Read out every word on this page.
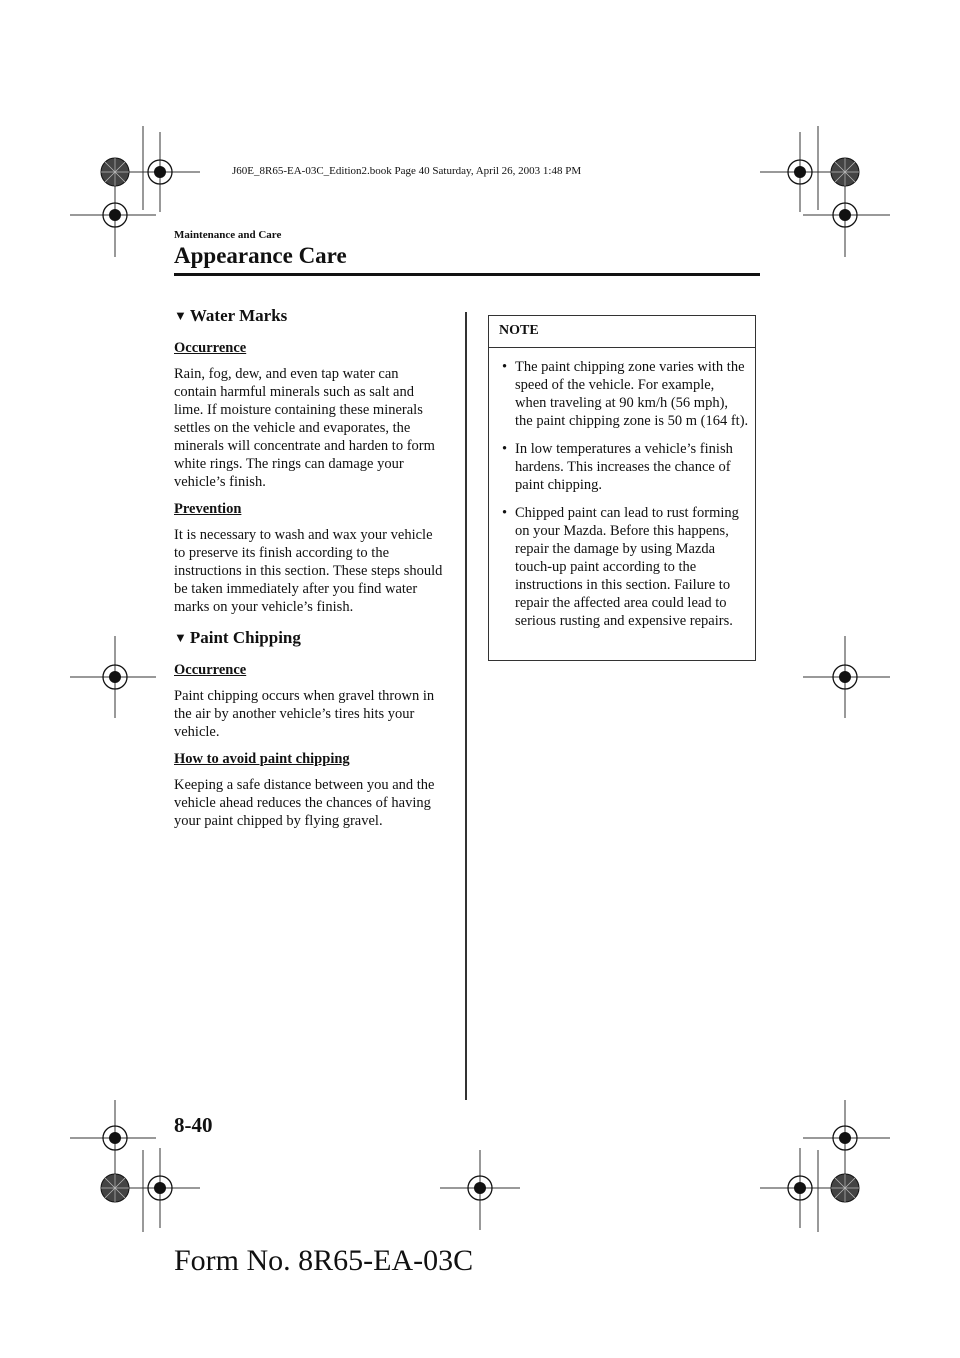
J60E_8R65-EA-03C_Edition2.book Page 40 Saturday, April 26, 2003 1:48 PM
Maintenance and Care
Appearance Care
▼ Water Marks
Occurrence

Rain, fog, dew, and even tap water can contain harmful minerals such as salt and lime. If moisture containing these minerals settles on the vehicle and evaporates, the minerals will concentrate and harden to form white rings. The rings can damage your vehicle’s finish.

Prevention

It is necessary to wash and wax your vehicle to preserve its finish according to the instructions in this section. These steps should be taken immediately after you find water marks on your vehicle’s finish.

▼ Paint Chipping
Occurrence

Paint chipping occurs when gravel thrown in the air by another vehicle’s tires hits your vehicle.

How to avoid paint chipping

Keeping a safe distance between you and the vehicle ahead reduces the chances of having your paint chipped by flying gravel.

NOTE
• The paint chipping zone varies with the speed of the vehicle. For example, when traveling at 90 km/h (56 mph), the paint chipping zone is 50 m (164 ft).
• In low temperatures a vehicle’s finish hardens. This increases the chance of paint chipping.
• Chipped paint can lead to rust forming on your Mazda. Before this happens, repair the damage by using Mazda touch-up paint according to the instructions in this section. Failure to repair the affected area could lead to serious rusting and expensive repairs.
8-40
Form No. 8R65-EA-03C
